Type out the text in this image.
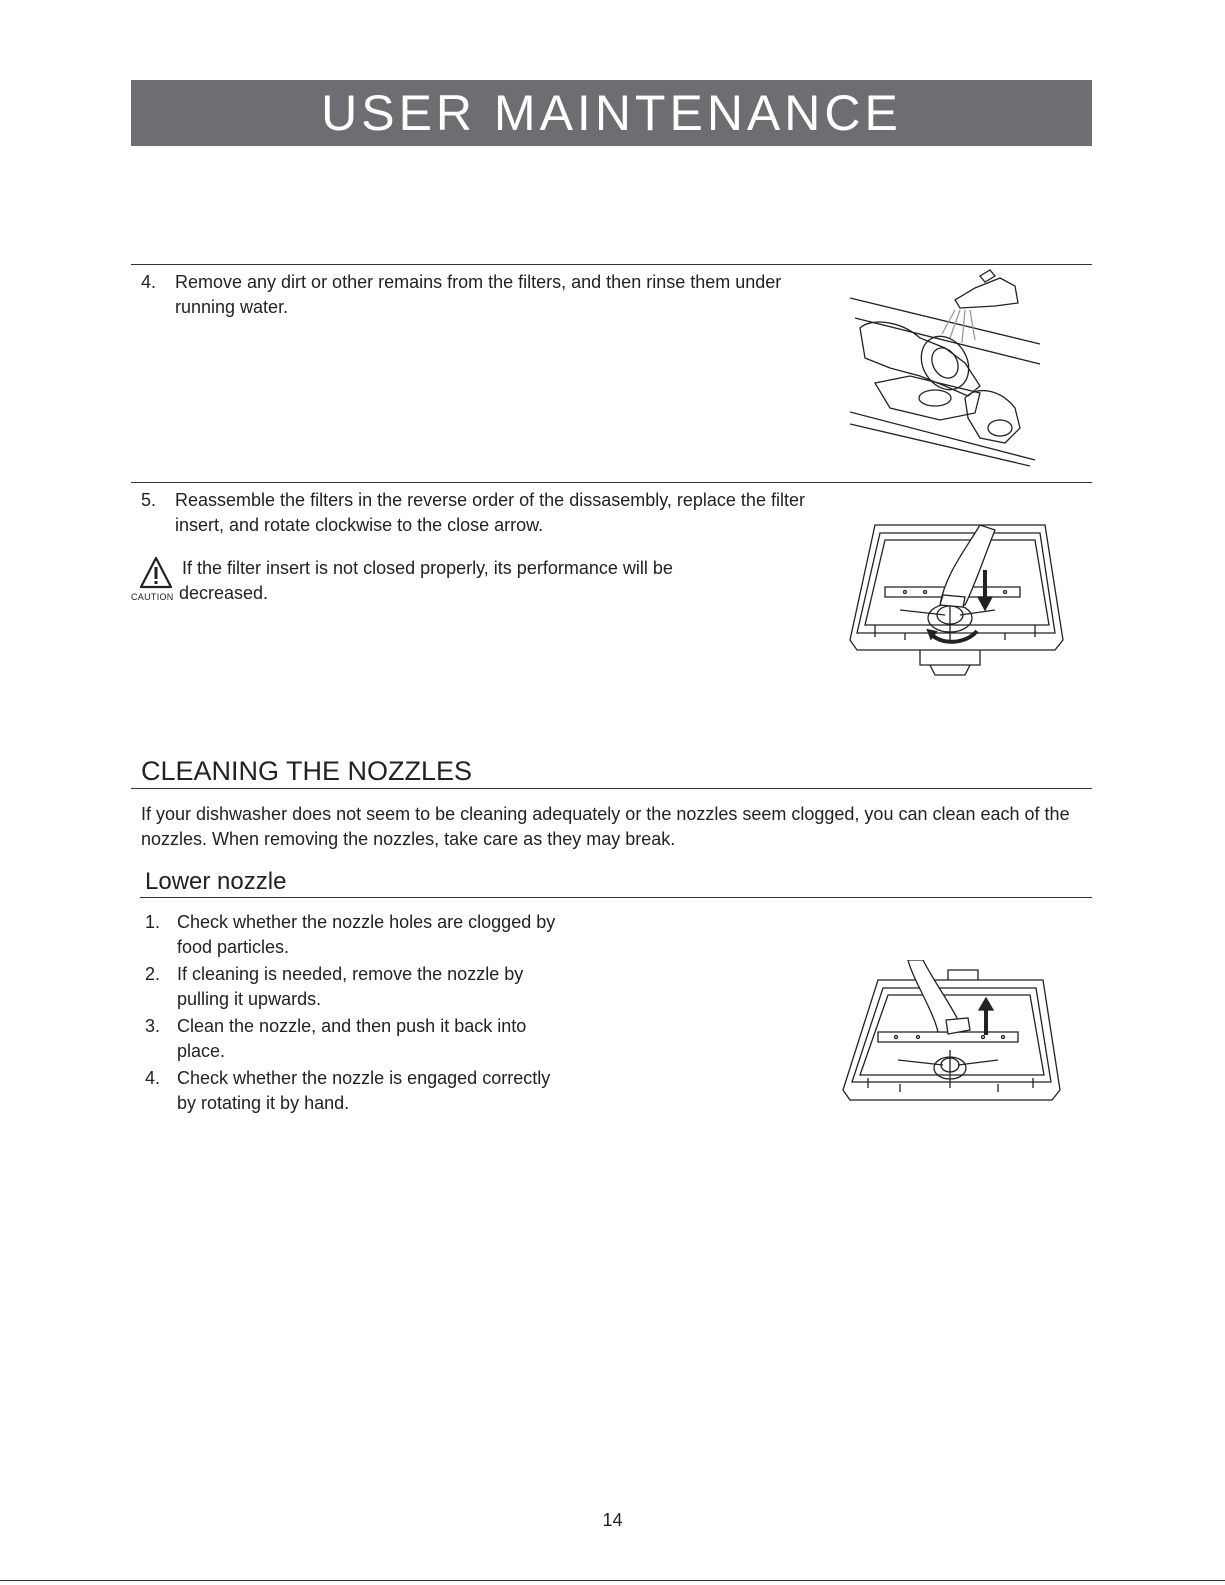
USER MAINTENANCE
4. Remove any dirt or other remains from the filters, and then rinse them under running water.
5. Reassemble the filters in the reverse order of the dissasembly, replace the filter insert, and rotate clockwise to the close arrow.
CAUTION
If the filter insert is not closed properly, its performance will be decreased.
CLEANING THE NOZZLES
If your dishwasher does not seem to be cleaning adequately or the nozzles seem clogged, you can clean each of the nozzles. When removing the nozzles, take care as they may break.
Lower nozzle
1. Check whether the nozzle holes are clogged by food particles.
2. If cleaning is needed, remove the nozzle by pulling it upwards.
3. Clean the nozzle, and then push it back into place.
4. Check whether the nozzle is engaged correctly by rotating it by hand.
14
